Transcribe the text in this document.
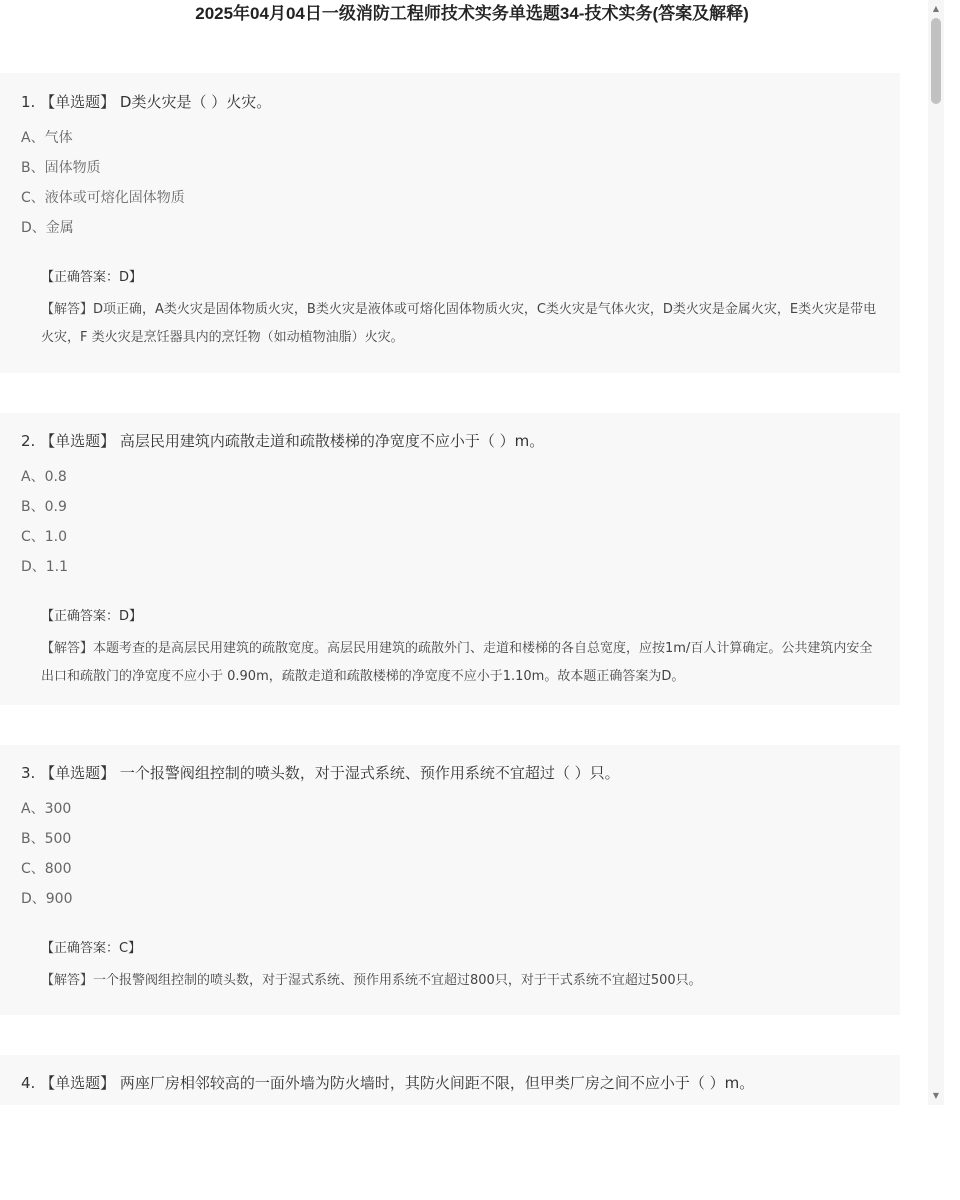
2025年04月04日一级消防工程师技术实务单选题34-技术实务(答案及解释)
1. 【单选题】 D类火灾是（ ）火灾。
A、气体
B、固体物质
C、液体或可熔化固体物质
D、金属
【正确答案：D】
【解答】D项正确，A类火灾是固体物质火灾，B类火灾是液体或可熔化固体物质火灾，C类火灾是气体火灾，D类火灾是金属火灾，E类火灾是带电火灾，F 类火灾是烹饪器具内的烹饪物（如动植物油脂）火灾。
2. 【单选题】 高层民用建筑内疏散走道和疏散楼梯的净宽度不应小于（ ）m。
A、0.8
B、0.9
C、1.0
D、1.1
【正确答案：D】
【解答】本题考查的是高层民用建筑的疏散宽度。高层民用建筑的疏散外门、走道和楼梯的各自总宽度，应按1m/百人计算确定。公共建筑内安全出口和疏散门的净宽度不应小于 0.90m，疏散走道和疏散楼梯的净宽度不应小于1.10m。故本题正确答案为D。
3. 【单选题】 一个报警阀组控制的喷头数，对于湿式系统、预作用系统不宜超过（ ）只。
A、300
B、500
C、800
D、900
【正确答案：C】
【解答】一个报警阀组控制的喷头数，对于湿式系统、预作用系统不宜超过800只，对于干式系统不宜超过500只。
4. 【单选题】 两座厂房相邻较高的一面外墙为防火墙时，其防火间距不限，但甲类厂房之间不应小于（ ）m。
▲
▼
